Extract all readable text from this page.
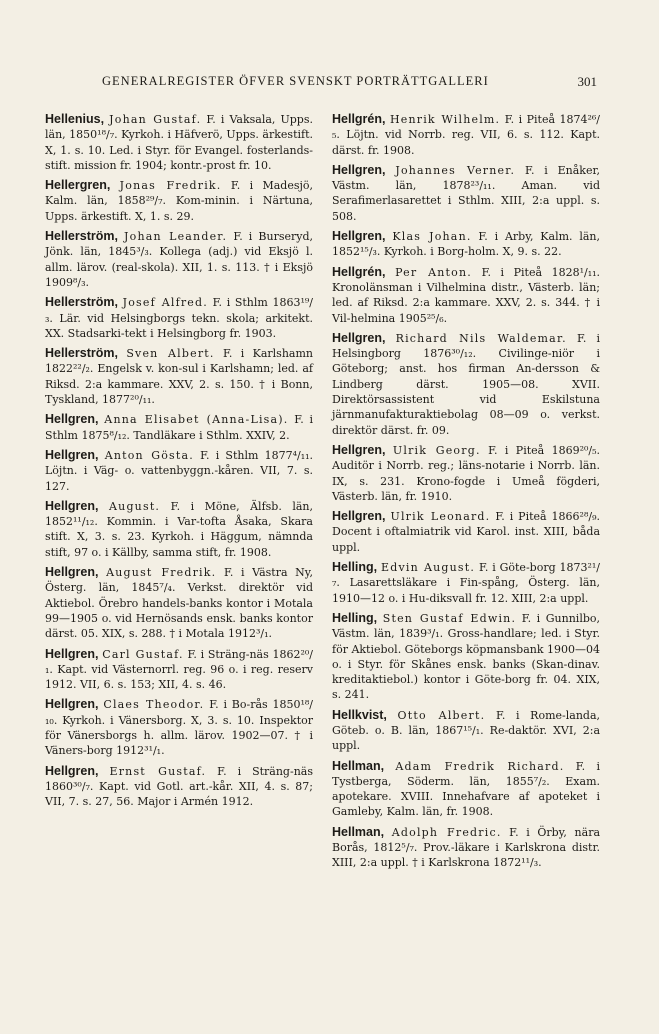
GENERALREGISTER ÖFVER SVENSKT PORTRÄTTGALLERI	301

Hellenius, Johan Gustaf. F. i Vaksala, Upps. län, 1850¹⁸/₇. Kyrkoh. i Häfverö, Upps. ärkestift. X, 1. s. 10. Led. i Styr. för Evangel. fosterlands-stift. mission fr. 1904; kontr.-prost fr. 10.

Hellergren, Jonas Fredrik. F. i Madesjö, Kalm. län, 1858²⁹/₇. Kom-minin. i Närtuna, Upps. ärkestift. X, 1. s. 29.

Hellerström, Johan Leander. F. i Burseryd, Jönk. län, 1845³/₃. Kollega (adj.) vid Eksjö l. allm. lärov. (real-skola). XII, 1. s. 113. † i Eksjö 1909⁸/₃.

Hellerström, Josef Alfred. F. i Sthlm 1863¹⁹/₃. Lär. vid Helsingborgs tekn. skola; arkitekt. XX. Stadsarki-tekt i Helsingborg fr. 1903.

Hellerström, Sven Albert. F. i Karlshamn 1822²²/₂. Engelsk v. kon-sul i Karlshamn; led. af Riksd. 2:a kammare. XXV, 2. s. 150. † i Bonn, Tyskland, 1877²⁰/₁₁.

Hellgren, Anna Elisabet (Anna-Lisa). F. i Sthlm 1875⁸/₁₂. Tandläkare i Sthlm. XXIV, 2.

Hellgren, Anton Gösta. F. i Sthlm 1877⁴/₁₁. Löjtn. i Väg- o. vattenbyggn.-kåren. VII, 7. s. 127.

Hellgren, August. F. i Möne, Älfsb. län, 1852¹¹/₁₂. Kommin. i Var-tofta Åsaka, Skara stift. X, 3. s. 23. Kyrkoh. i Häggum, nämnda stift, 97 o. i Källby, samma stift, fr. 1908.

Hellgren, August Fredrik. F. i Västra Ny, Österg. län, 1845⁷/₄. Verkst. direktör vid Aktiebol. Örebro handels-banks kontor i Motala 99—1905 o. vid Hernösands ensk. banks kontor därst. 05. XIX, s. 288. † i Motala 1912³/₁.

Hellgren, Carl Gustaf. F. i Sträng-näs 1862²⁰/₁. Kapt. vid Västernorrl. reg. 96 o. i reg. reserv 1912. VII, 6. s. 153; XII, 4. s. 46.

Hellgren, Claes Theodor. F. i Bo-rås 1850¹⁸/₁₀. Kyrkoh. i Vänersborg. X, 3. s. 10. Inspektor för Vänersborgs h. allm. lärov. 1902—07. † i Väners-borg 1912³¹/₁.

Hellgren, Ernst Gustaf. F. i Sträng-näs 1860³⁰/₇. Kapt. vid Gotl. art.-kår. XII, 4. s. 87; VII, 7. s. 27, 56. Major i Armén 1912.

Hellgrén, Henrik Wilhelm. F. i Piteå 1874²⁶/₅. Löjtn. vid Norrb. reg. VII, 6. s. 112. Kapt. därst. fr. 1908.

Hellgren, Johannes Verner. F. i Enåker, Västm. län, 1878²³/₁₁. Aman. vid Serafimerlasarettet i Sthlm. XIII, 2:a uppl. s. 508.

Hellgren, Klas Johan. F. i Arby, Kalm. län, 1852¹⁵/₃. Kyrkoh. i Borg-holm. X, 9. s. 22.

Hellgrén, Per Anton. F. i Piteå 1828¹/₁₁. Kronolänsman i Vilhelmina distr., Västerb. län; led. af Riksd. 2:a kammare. XXV, 2. s. 344. † i Vil-helmina 1905²⁵/₆.

Hellgren, Richard Nils Waldemar. F. i Helsingborg 1876³⁰/₁₂. Civilinge-niör i Göteborg; anst. hos firman An-dersson & Lindberg därst. 1905—08. XVII. Direktörsassistent vid Eskilstuna järnmanufakturaktiebolag 08—09 o. verkst. direktör därst. fr. 09.

Hellgren, Ulrik Georg. F. i Piteå 1869²⁰/₅. Auditör i Norrb. reg.; läns-notarie i Norrb. län. IX, s. 231. Krono-fogde i Umeå fögderi, Västerb. län, fr. 1910.

Hellgren, Ulrik Leonard. F. i Piteå 1866²⁸/₉. Docent i oftalmiatrik vid Karol. inst. XIII, båda uppl.

Helling, Edvin August. F. i Göte-borg 1873²¹/₇. Lasarettsläkare i Fin-spång, Österg. län, 1910—12 o. i Hu-diksvall fr. 12. XIII, 2:a uppl.

Helling, Sten Gustaf Edwin. F. i Gunnilbo, Västm. län, 1839³/₁. Gross-handlare; led. i Styr. för Aktiebol. Göteborgs köpmansbank 1900—04 o. i Styr. för Skånes ensk. banks (Skan-dinav. kreditaktiebol.) kontor i Göte-borg fr. 04. XIX, s. 241.

Hellkvist, Otto Albert. F. i Rome-landa, Göteb. o. B. län, 1867¹⁵/₁. Re-daktör. XVI, 2:a uppl.

Hellman, Adam Fredrik Richard. F. i Tystberga, Söderm. län, 1855⁷/₂. Exam. apotekare. XVIII. Innehafvare af apoteket i Gamleby, Kalm. län, fr. 1908.

Hellman, Adolph Fredric. F. i Örby, nära Borås, 1812⁵/₇. Prov.-läkare i Karlskrona distr. XIII, 2:a uppl. † i Karlskrona 1872¹¹/₃.
